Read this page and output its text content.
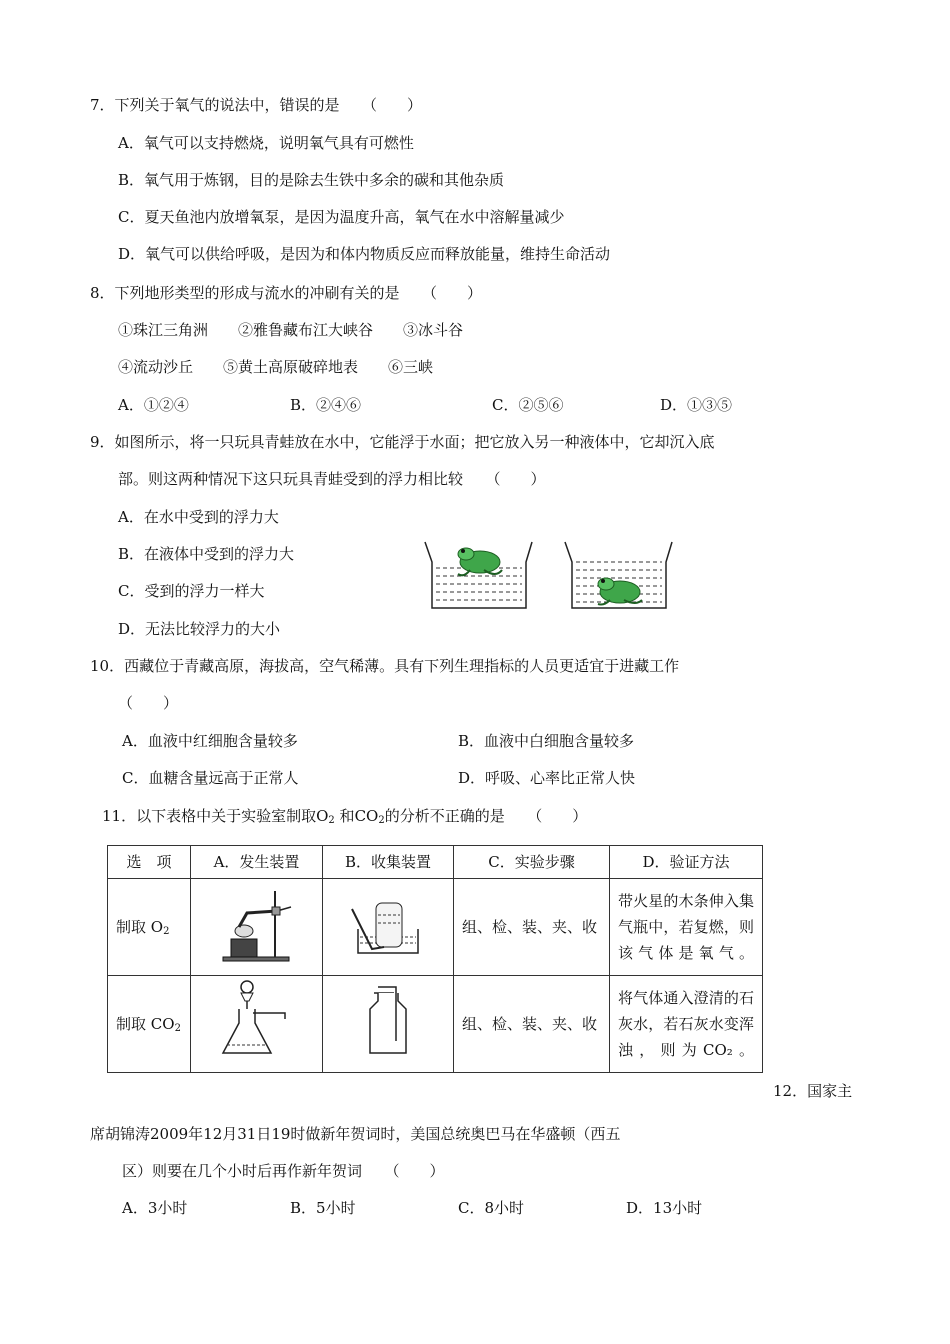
7．下列关于氧气的说法中，错误的是　　（　　）
A．氧气可以支持燃烧，说明氧气具有可燃性
B．氧气用于炼钢，目的是除去生铁中多余的碳和其他杂质
C．夏天鱼池内放增氧泵，是因为温度升高，氧气在水中溶解量减少
D．氧气可以供给呼吸，是因为和体内物质反应而释放能量，维持生命活动
8．下列地形类型的形成与流水的冲刷有关的是　　（　　）
①珠江三角洲　　②雅鲁藏布江大峡谷　　③冰斗谷
④流动沙丘　　⑤黄土高原破碎地表　　⑥三峡
A．①②④	B．②④⑥	C．②⑤⑥	D．①③⑤
9．如图所示，将一只玩具青蛙放在水中，它能浮于水面；把它放入另一种液体中，它却沉入底
部。则这两种情况下这只玩具青蛙受到的浮力相比较　　（　　）
A．在水中受到的浮力大
B．在液体中受到的浮力大
C．受到的浮力一样大
D．无法比较浮力的大小
10．西藏位于青藏高原，海拔高，空气稀薄。具有下列生理指标的人员更适宜于进藏工作
（　　）
A．血液中红细胞含量较多	B．血液中白细胞含量较多
C．血糖含量远高于正常人	D．呼吸、心率比正常人快
11．以下表格中关于实验室制取$O_2$ 和$CO_2$的分析不正确的是　　（　　）
选　项	A．发生装置	B．收集装置	C．实验步骤	D．验证方法
制取 $O_2$			组、检、装、夹、收	带火星的木条伸入集气瓶中，若复燃，则该气体是氧气。
制取 $CO_2$			组、检、装、夹、收	将气体通入澄清的石灰水，若石灰水变浑浊，则为CO₂。
12．国家主
席胡锦涛2009年12月31日19时做新年贺词时，美国总统奥巴马在华盛顿（西五
区）则要在几个小时后再作新年贺词　　（　　）
A．3小时	B．5小时	C．8小时	D．13小时
